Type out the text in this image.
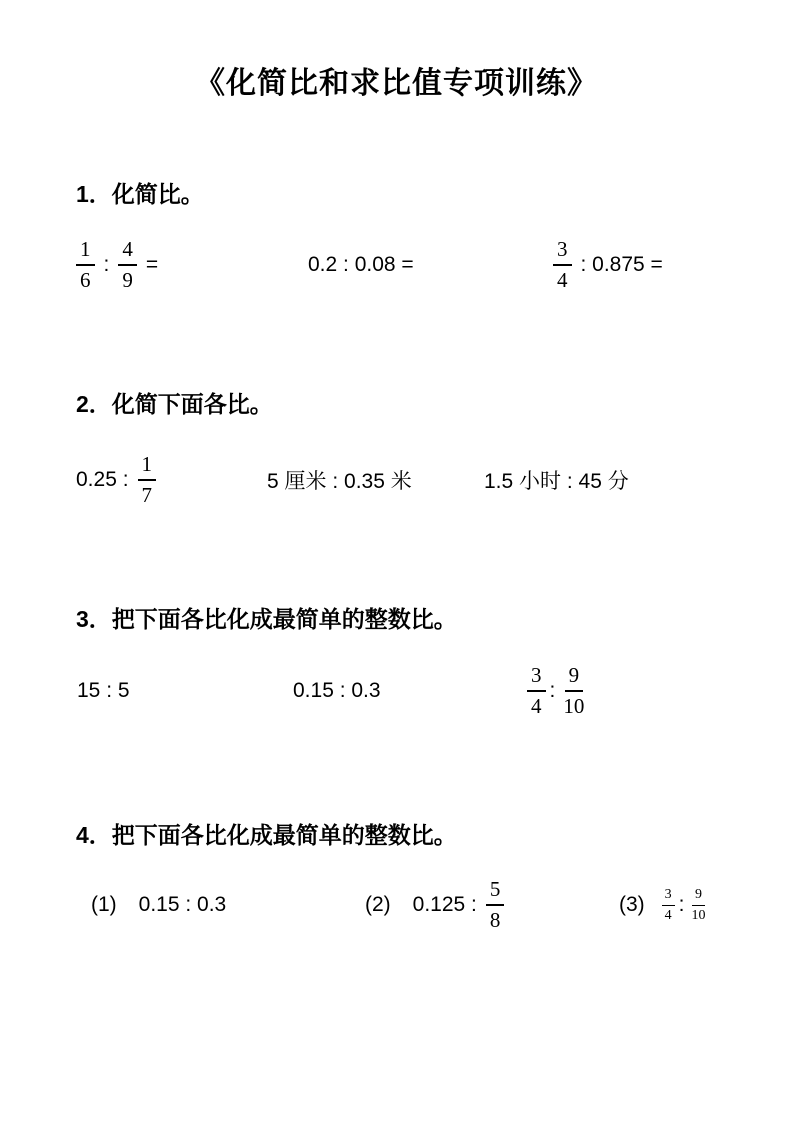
《化简比和求比值专项训练》
1．化简比。
$\frac{1}{6}$ : $\frac{4}{9}$ =	0.2 : 0.08 =	$\frac{3}{4}$ : 0.875 =
2．化简下面各比。
0.25 : $\frac{1}{7}$	5 厘米 : 0.35 米	1.5 小时 : 45 分
3．把下面各比化成最简单的整数比。
15 : 5	0.15 : 0.3	$\frac{3}{4}$ : $\frac{9}{10}$
4．把下面各比化成最简单的整数比。
(1) 0.15 : 0.3	(2) 0.125 : $\frac{5}{8}$	$(3) \frac{3}{4}$ : $\frac{9}{10}$
